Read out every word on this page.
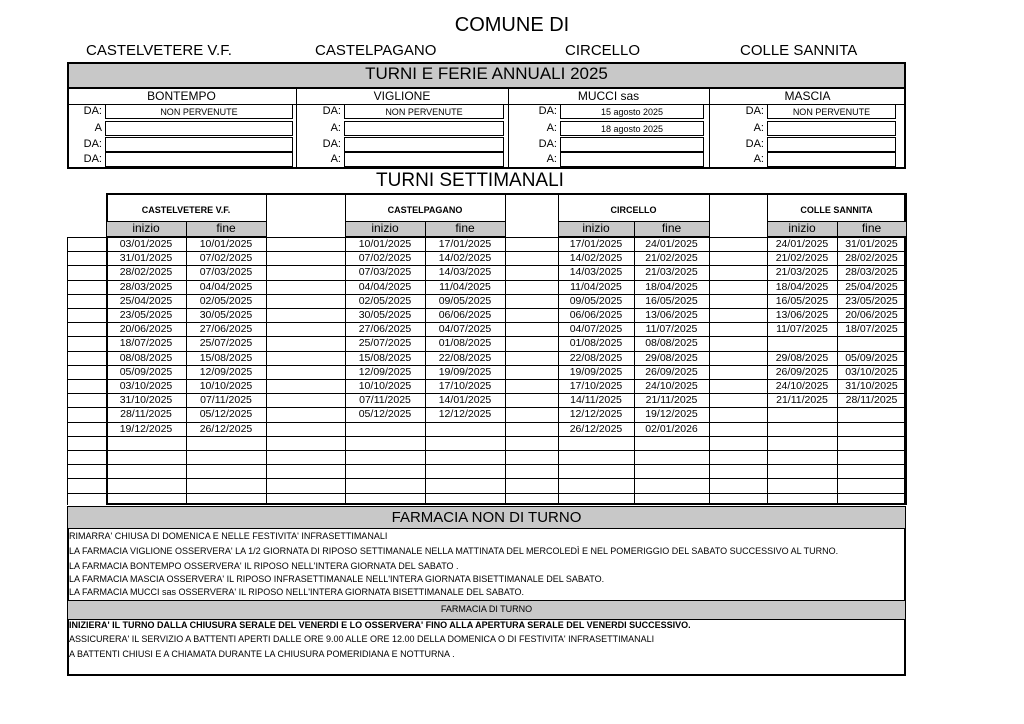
COMUNE DI
CASTELVETERE V.F.	CASTELPAGANO	CIRCELLO	COLLE SANNITA
TURNI E FERIE ANNUALI 2025
BONTEMPO
DA:	NON PERVENUTE
A
DA:
DA:
VIGLIONE
DA:	NON PERVENUTE
A:
DA:
A:
MUCCI sas
DA:	15 agosto 2025
A:	18 agosto 2025
DA:
A:
MASCIA
DA:	NON PERVENUTE
A:
DA:
A:
TURNI SETTIMANALI
CASTELVETERE V.F.
inizio	fine
03/01/2025	10/01/2025
31/01/2025	07/02/2025
28/02/2025	07/03/2025
28/03/2025	04/04/2025
25/04/2025	02/05/2025
23/05/2025	30/05/2025
20/06/2025	27/06/2025
18/07/2025	25/07/2025
08/08/2025	15/08/2025
05/09/2025	12/09/2025
03/10/2025	10/10/2025
31/10/2025	07/11/2025
28/11/2025	05/12/2025
19/12/2025	26/12/2025
CASTELPAGANO
inizio	fine
10/01/2025	17/01/2025
07/02/2025	14/02/2025
07/03/2025	14/03/2025
04/04/2025	11/04/2025
02/05/2025	09/05/2025
30/05/2025	06/06/2025
27/06/2025	04/07/2025
25/07/2025	01/08/2025
15/08/2025	22/08/2025
12/09/2025	19/09/2025
10/10/2025	17/10/2025
07/11/2025	14/01/2025
05/12/2025	12/12/2025
CIRCELLO
inizio	fine
17/01/2025	24/01/2025
14/02/2025	21/02/2025
14/03/2025	21/03/2025
11/04/2025	18/04/2025
09/05/2025	16/05/2025
06/06/2025	13/06/2025
04/07/2025	11/07/2025
01/08/2025	08/08/2025
22/08/2025	29/08/2025
19/09/2025	26/09/2025
17/10/2025	24/10/2025
14/11/2025	21/11/2025
12/12/2025	19/12/2025
26/12/2025	02/01/2026
COLLE SANNITA
inizio	fine
24/01/2025	31/01/2025
21/02/2025	28/02/2025
21/03/2025	28/03/2025
18/04/2025	25/04/2025
16/05/2025	23/05/2025
13/06/2025	20/06/2025
11/07/2025	18/07/2025
29/08/2025	05/09/2025
26/09/2025	03/10/2025
24/10/2025	31/10/2025
21/11/2025	28/11/2025
FARMACIA NON DI TURNO
RIMARRA' CHIUSA DI DOMENICA E NELLE FESTIVITA' INFRASETTIMANALI
LA FARMACIA VIGLIONE OSSERVERA' LA 1/2 GIORNATA DI RIPOSO SETTIMANALE NELLA MATTINATA DEL MERCOLEDÌ E NEL POMERIGGIO DEL SABATO SUCCESSIVO AL TURNO.
LA FARMACIA BONTEMPO OSSERVERA' IL RIPOSO NELL'INTERA GIORNATA DEL SABATO .
LA FARMACIA MASCIA OSSERVERA' IL RIPOSO INFRASETTIMANALE NELL'INTERA GIORNATA BISETTIMANALE DEL SABATO.
LA FARMACIA MUCCI sas OSSERVERA' IL RIPOSO NELL'INTERA GIORNATA BISETTIMANALE DEL SABATO.
FARMACIA DI TURNO
INIZIERA' IL TURNO DALLA CHIUSURA SERALE DEL VENERDI E LO OSSERVERA' FINO ALLA APERTURA SERALE DEL VENERDI SUCCESSIVO.
ASSICURERA' IL SERVIZIO A BATTENTI APERTI DALLE ORE 9.00 ALLE ORE 12.00 DELLA DOMENICA O DI FESTIVITA' INFRASETTIMANALI
A BATTENTI CHIUSI E A CHIAMATA DURANTE LA CHIUSURA POMERIDIANA E NOTTURNA .
